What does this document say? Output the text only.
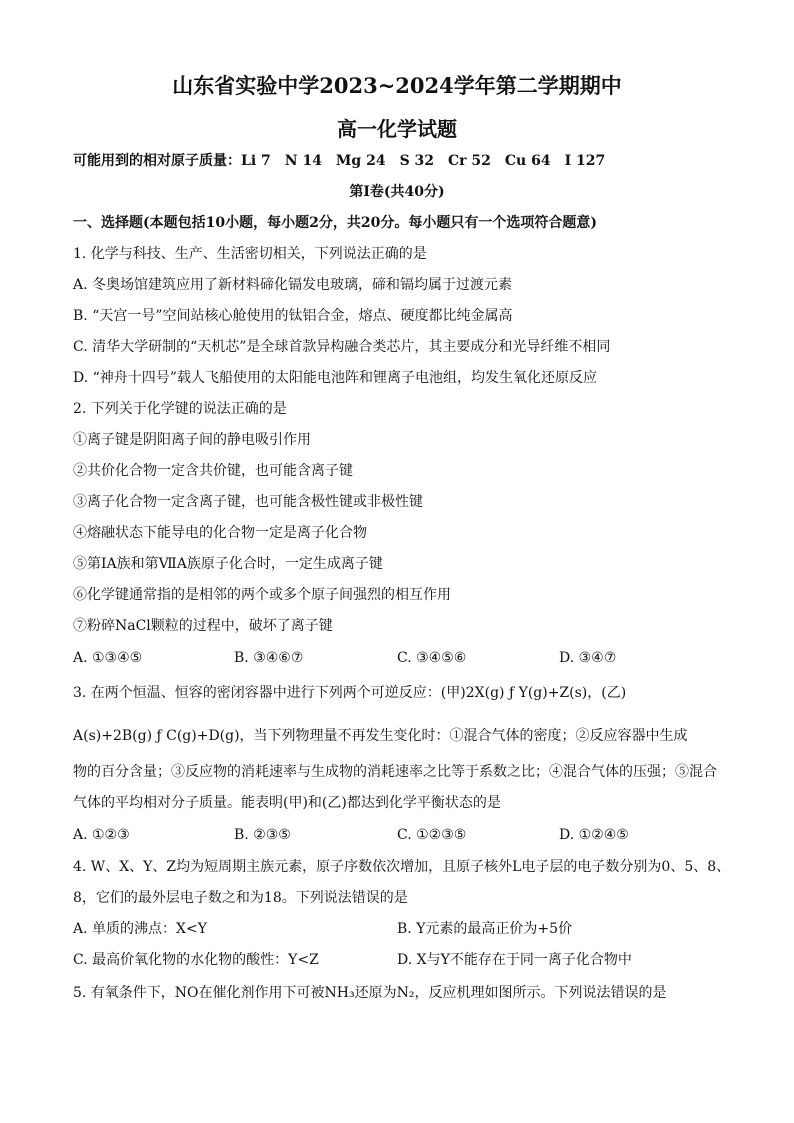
山东省实验中学2023~2024学年第二学期期中
高一化学试题
可能用到的相对原子质量：Li 7　N 14　Mg 24　S 32　Cr 52　Cu 64　I 127
第I卷(共40分)
一、选择题(本题包括10小题，每小题2分，共20分。每小题只有一个选项符合题意)
1. 化学与科技、生产、生活密切相关，下列说法正确的是
A. 冬奥场馆建筑应用了新材料碲化镉发电玻璃，碲和镉均属于过渡元素
B. “天宫一号”空间站核心舱使用的钛铝合金，熔点、硬度都比纯金属高
C. 清华大学研制的“天机芯”是全球首款异构融合类芯片，其主要成分和光导纤维不相同
D. “神舟十四号”载人飞船使用的太阳能电池阵和锂离子电池组，均发生氧化还原反应
2. 下列关于化学键的说法正确的是
①离子键是阴阳离子间的静电吸引作用
②共价化合物一定含共价键，也可能含离子键
③离子化合物一定含离子键，也可能含极性键或非极性键
④熔融状态下能导电的化合物一定是离子化合物
⑤第ⅠA族和第ⅦA族原子化合时，一定生成离子键
⑥化学键通常指的是相邻的两个或多个原子间强烈的相互作用
⑦粉碎NaCl颗粒的过程中，破坏了离子键
A. ①③④⑤	B. ③④⑥⑦	C. ③④⑤⑥	D. ③④⑦
3. 在两个恒温、恒容的密闭容器中进行下列两个可逆反应：(甲)2X(g) ƒ Y(g)+Z(s)，(乙)
A(s)+2B(g) ƒ C(g)+D(g)，当下列物理量不再发生变化时：①混合气体的密度；②反应容器中生成
物的百分含量；③反应物的消耗速率与生成物的消耗速率之比等于系数之比；④混合气体的压强；⑤混合
气体的平均相对分子质量。能表明(甲)和(乙)都达到化学平衡状态的是
A. ①②③	B. ②③⑤	C. ①②③⑤	D. ①②④⑤
4. W、X、Y、Z均为短周期主族元素，原子序数依次增加，且原子核外L电子层的电子数分别为0、5、8、
8，它们的最外层电子数之和为18。下列说法错误的是
A. 单质的沸点：X<Y	B. Y元素的最高正价为+5价
C. 最高价氧化物的水化物的酸性：Y<Z	D. X与Y不能存在于同一离子化合物中
5. 有氧条件下，NO在催化剂作用下可被NH₃还原为N₂，反应机理如图所示。下列说法错误的是
